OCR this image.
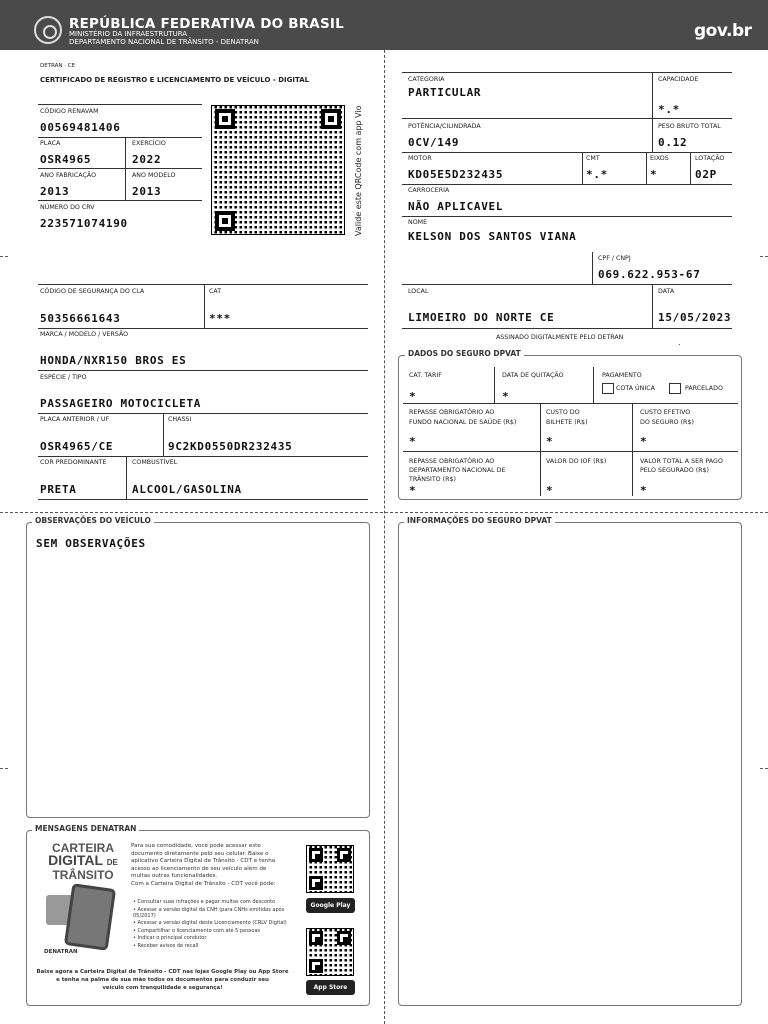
REPÚBLICA FEDERATIVA DO BRASIL
MINISTÉRIO DA INFRAESTRUTURA
DEPARTAMENTO NACIONAL DE TRÂNSITO - DENATRAN
gov.br
DETRAN · CE
CERTIFICADO DE REGISTRO E LICENCIAMENTO DE VEÍCULO - DIGITAL
CÓDIGO RENAVAM
00569481406
PLACA
OSR4965
EXERCÍCIO
2022
ANO FABRICAÇÃO
2013
ANO MODELO
2013
NÚMERO DO CRV
223571074190	Valide este QRCode com app Vio
CÓDIGO DE SEGURANÇA DO CLA
50356661643
CAT
***
MARCA / MODELO / VERSÃO
HONDA/NXR150 BROS ES
ESPÉCIE / TIPO
PASSAGEIRO MOTOCICLETA
PLACA ANTERIOR / UF
OSR4965/CE
CHASSI
9C2KD0550DR232435
COR PREDOMINANTE
PRETA
COMBUSTÍVEL
ALCOOL/GASOLINA
CATEGORIA
PARTICULAR
CAPACIDADE
*.*
POTÊNCIA/CILINDRADA
0CV/149
PESO BRUTO TOTAL
0.12
MOTOR
KD05E5D232435
CMT
*.*
EIXOS
*
LOTAÇÃO
02P
CARROCERIA
NÃO APLICAVEL
NOME
KELSON DOS SANTOS VIANA
CPF / CNPJ
069.622.953-67
LOCAL
LIMOEIRO DO NORTE CE
DATA
15/05/2023
ASSINADO DIGITALMENTE PELO DETRAN
.
DADOS DO SEGURO DPVAT
CAT. TARIF
*
DATA DE QUITAÇÃO
*
PAGAMENTO
COTA ÚNICA	PARCELADO
REPASSE OBRIGATÓRIO AO
FUNDO NACIONAL DE SAÚDE (R$)
*
CUSTO DO
BILHETE (R$)
*
CUSTO EFETIVO
DO SEGURO (R$)
*
REPASSE OBRIGATÓRIO AO
DEPARTAMENTO NACIONAL DE
TRÂNSITO (R$)
*
VALOR DO IOF (R$)
*
VALOR TOTAL A SER PAGO
PELO SEGURADO (R$)
*
OBSERVAÇÕES DO VEÍCULO
SEM OBSERVAÇÕES
INFORMAÇÕES DO SEGURO DPVAT
MENSAGENS DENATRAN
CARTEIRA
DIGITAL DE
TRÂNSITO
DENATRAN
Para sua comodidade, você pode acessar este
documento diretamente pelo seu celular. Baixe o
aplicativo Carteira Digital de Trânsito - CDT e tenha
acesso ao licenciamento de seu veículo além de
multas outras funcionalidades.
Com a Carteira Digital de Trânsito - CDT você pode:
• Consultar suas infrações e pagar multas com desconto
• Acessar a versão digital da CNH (para CNHs emitidas após 05/2017)
• Acessar a versão digital deste Licenciamento (CRLV Digital)
• Compartilhar o licenciamento com até 5 pessoas
• Indicar o principal condutor
• Receber avisos de recall
Google Play
App Store
Baixe agora a Carteira Digital de Trânsito - CDT nas lojas Google Play ou App Store
e tenha na palma de sua mão todos os documentos para conduzir seu
veículo com tranquilidade e segurança!
